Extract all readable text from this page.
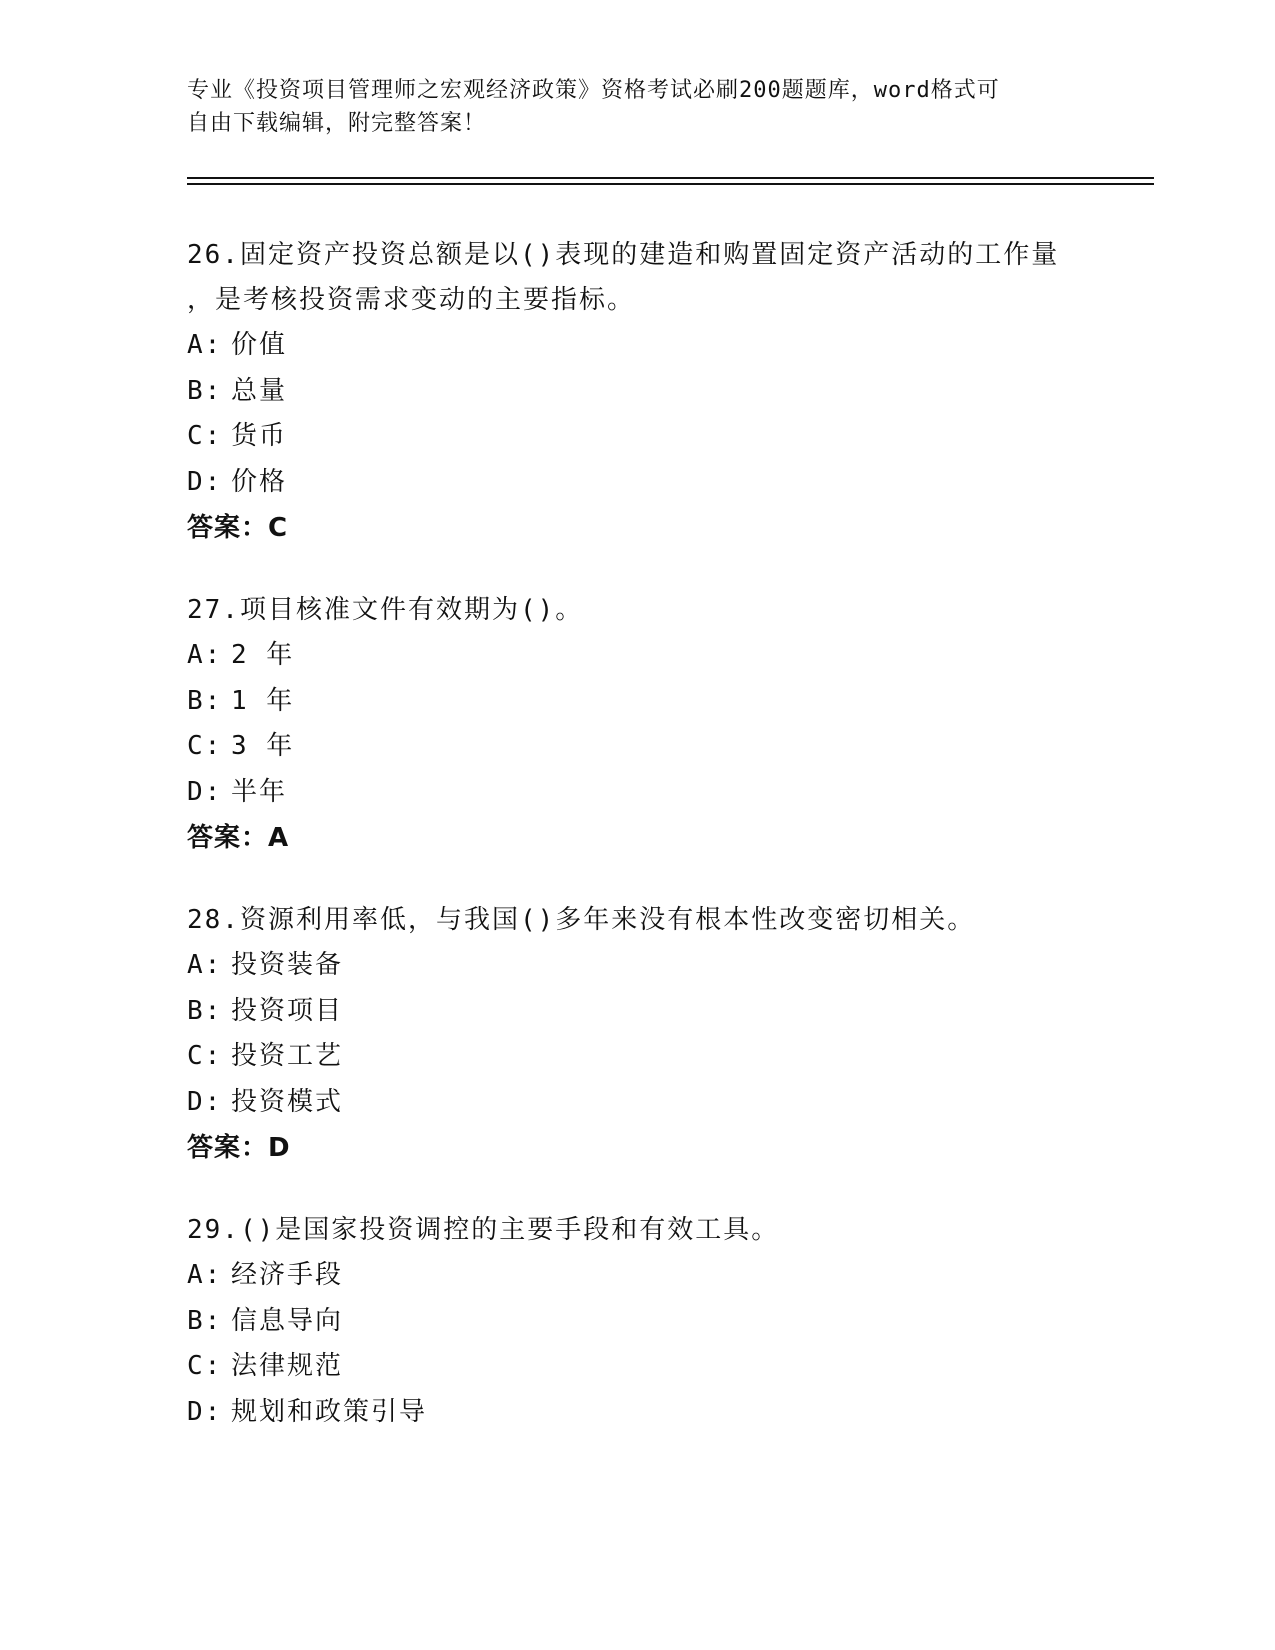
专业《投资项目管理师之宏观经济政策》资格考试必刷200题题库，word格式可
自由下载编辑，附完整答案！
26.固定资产投资总额是以()表现的建造和购置固定资产活动的工作量
，是考核投资需求变动的主要指标。
A: 价值
B: 总量
C: 货币
D: 价格
答案：C
27.项目核准文件有效期为()。
A: 2 年
B: 1 年
C: 3 年
D: 半年
答案：A
28.资源利用率低，与我国()多年来没有根本性改变密切相关。
A: 投资装备
B: 投资项目
C: 投资工艺
D: 投资模式
答案：D
29.()是国家投资调控的主要手段和有效工具。
A: 经济手段
B: 信息导向
C: 法律规范
D: 规划和政策引导
